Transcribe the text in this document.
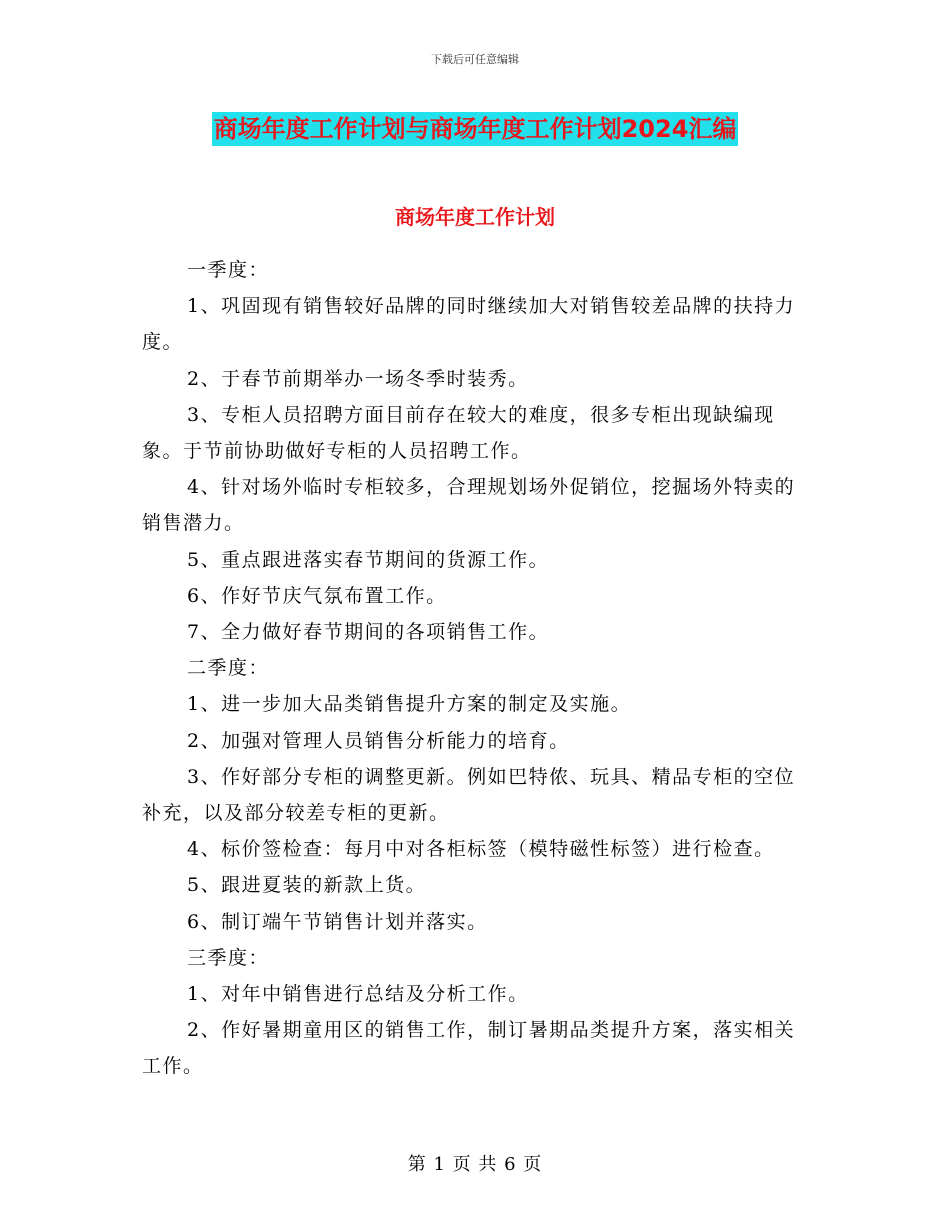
下载后可任意编辑
商场年度工作计划与商场年度工作计划2024汇编
商场年度工作计划

一季度：

1、巩固现有销售较好品牌的同时继续加大对销售较差品牌的扶持力度。

2、于春节前期举办一场冬季时装秀。

3、专柜人员招聘方面目前存在较大的难度，很多专柜出现缺编现象。于节前协助做好专柜的人员招聘工作。

4、针对场外临时专柜较多，合理规划场外促销位，挖掘场外特卖的销售潜力。

5、重点跟进落实春节期间的货源工作。

6、作好节庆气氛布置工作。

7、全力做好春节期间的各项销售工作。

二季度：

1、进一步加大品类销售提升方案的制定及实施。

2、加强对管理人员销售分析能力的培育。

3、作好部分专柜的调整更新。例如巴特侬、玩具、精品专柜的空位补充，以及部分较差专柜的更新。

4、标价签检查：每月中对各柜标签（模特磁性标签）进行检查。

5、跟进夏装的新款上货。

6、制订端午节销售计划并落实。

三季度：

1、对年中销售进行总结及分析工作。

2、作好暑期童用区的销售工作，制订暑期品类提升方案，落实相关工作。

第 1 页 共 6 页
